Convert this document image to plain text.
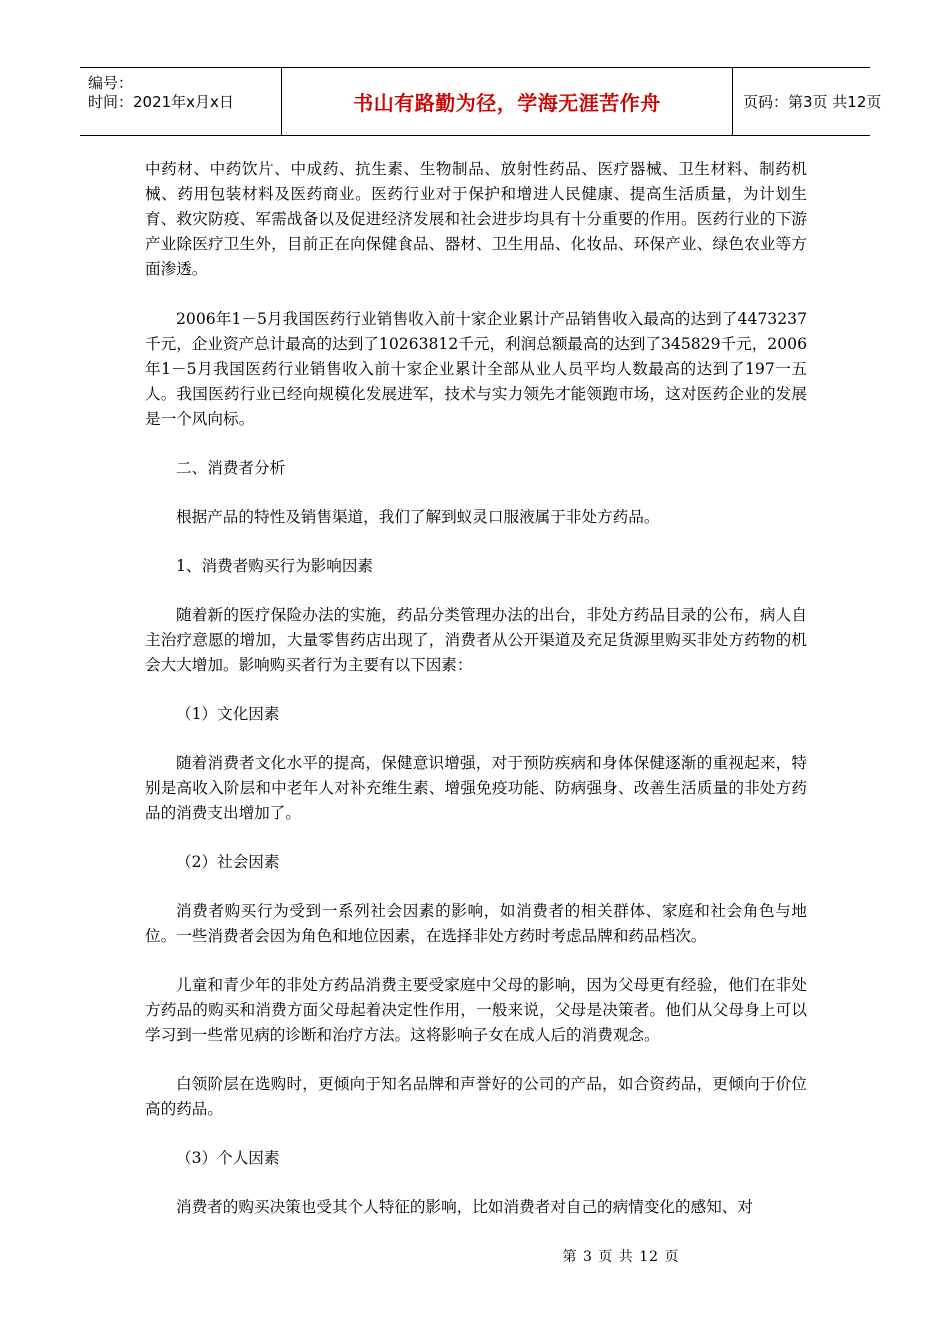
编号：
时间：2021年x月x日	书山有路勤为径，学海无涯苦作舟	页码：第3页 共12页

中药材、中药饮片、中成药、抗生素、生物制品、放射性药品、医疗器械、卫生材料、制药机械、药用包装材料及医药商业。医药行业对于保护和增进人民健康、提高生活质量，为计划生育、救灾防疫、军需战备以及促进经济发展和社会进步均具有十分重要的作用。医药行业的下游产业除医疗卫生外，目前正在向保健食品、器材、卫生用品、化妆品、环保产业、绿色农业等方面渗透。

2006年1－5月我国医药行业销售收入前十家企业累计产品销售收入最高的达到了4473237千元，企业资产总计最高的达到了10263812千元，利润总额最高的达到了345829千元，2006年1－5月我国医药行业销售收入前十家企业累计全部从业人员平均人数最高的达到了197一五人。我国医药行业已经向规模化发展进军，技术与实力领先才能领跑市场，这对医药企业的发展是一个风向标。

二、消费者分析

根据产品的特性及销售渠道，我们了解到蚁灵口服液属于非处方药品。

1、消费者购买行为影响因素

随着新的医疗保险办法的实施，药品分类管理办法的出台，非处方药品目录的公布，病人自主治疗意愿的增加，大量零售药店出现了，消费者从公开渠道及充足货源里购买非处方药物的机会大大增加。影响购买者行为主要有以下因素：

（1）文化因素

随着消费者文化水平的提高，保健意识增强，对于预防疾病和身体保健逐渐的重视起来，特别是高收入阶层和中老年人对补充维生素、增强免疫功能、防病强身、改善生活质量的非处方药品的消费支出增加了。

（2）社会因素

消费者购买行为受到一系列社会因素的影响，如消费者的相关群体、家庭和社会角色与地位。一些消费者会因为角色和地位因素，在选择非处方药时考虑品牌和药品档次。

儿童和青少年的非处方药品消费主要受家庭中父母的影响，因为父母更有经验，他们在非处方药品的购买和消费方面父母起着决定性作用，一般来说，父母是决策者。他们从父母身上可以学习到一些常见病的诊断和治疗方法。这将影响子女在成人后的消费观念。

白领阶层在选购时，更倾向于知名品牌和声誉好的公司的产品，如合资药品，更倾向于价位高的药品。

（3）个人因素

消费者的购买决策也受其个人特征的影响，比如消费者对自己的病情变化的感知、对

第 3 页 共 12 页
